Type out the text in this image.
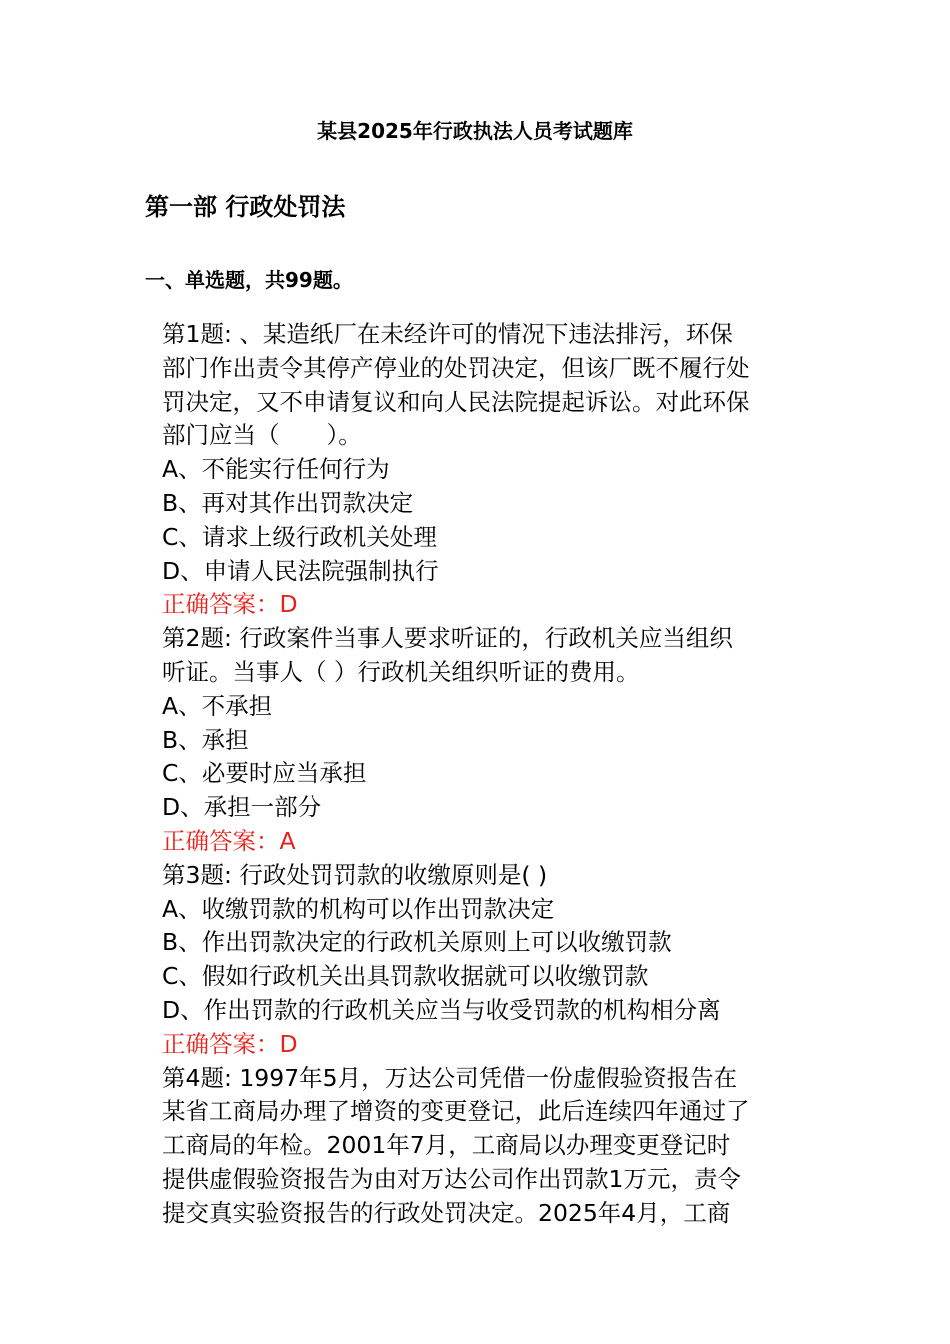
某县2025年行政执法人员考试题库
第一部 行政处罚法
一、单选题，共99题。
第1题: 、某造纸厂在未经许可的情况下违法排污，环保
部门作出责令其停产停业的处罚决定，但该厂既不履行处
罚决定，又不申请复议和向人民法院提起诉讼。对此环保
部门应当（　　）。
A、不能实行任何行为
B、再对其作出罚款决定
C、请求上级行政机关处理
D、申请人民法院强制执行
正确答案：D
第2题: 行政案件当事人要求听证的，行政机关应当组织
听证。当事人（ ）行政机关组织听证的费用。
A、不承担
B、承担
C、必要时应当承担
D、承担一部分
正确答案：A
第3题: 行政处罚罚款的收缴原则是( )
A、收缴罚款的机构可以作出罚款决定
B、作出罚款决定的行政机关原则上可以收缴罚款
C、假如行政机关出具罚款收据就可以收缴罚款
D、作出罚款的行政机关应当与收受罚款的机构相分离
正确答案：D
第4题: 1997年5月，万达公司凭借一份虚假验资报告在
某省工商局办理了增资的变更登记，此后连续四年通过了
工商局的年检。2001年7月，工商局以办理变更登记时
提供虚假验资报告为由对万达公司作出罚款1万元，责令
提交真实验资报告的行政处罚决定。2025年4月，工商
